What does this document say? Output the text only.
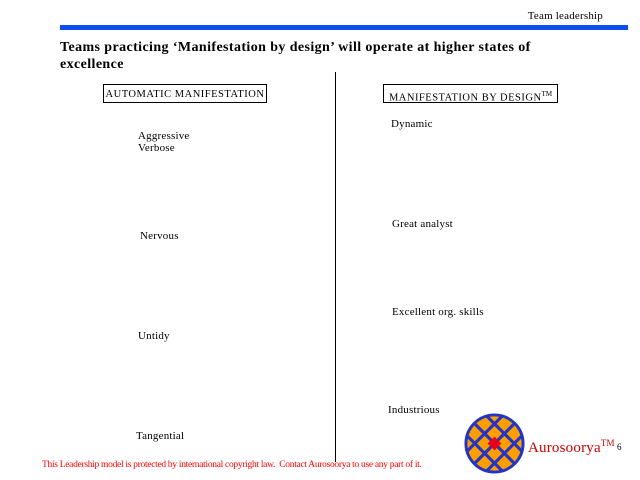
Team leadership
Teams practicing ‘Manifestation by design’ will operate at higher states of excellence
AUTOMATIC MANIFESTATION	MANIFESTATION BY DESIGN™
Aggressive
Verbose
Nervous
Untidy
Tangential
Dynamic
Great analyst
Excellent org. skills
Industrious
Aurosoorya™ 6
This Leadership model is protected by international copyright law.  Contact Aurosoorya to use any part of it.
